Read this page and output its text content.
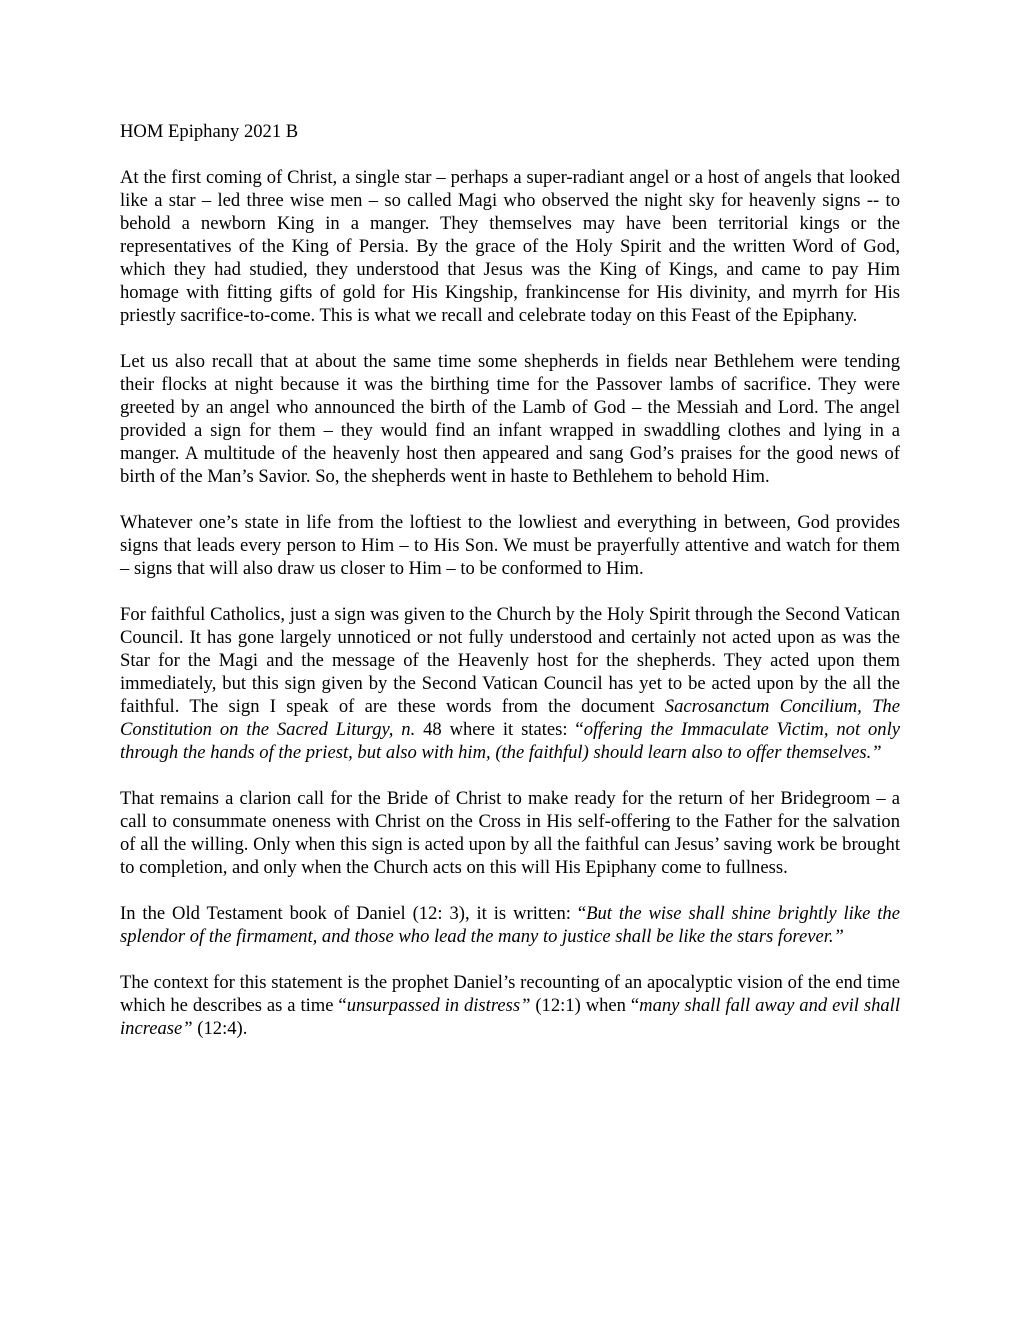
HOM Epiphany 2021 B

At the first coming of Christ, a single star – perhaps a super-radiant angel or a host of angels that looked like a star – led three wise men – so called Magi who observed the night sky for heavenly signs -- to behold a newborn King in a manger. They themselves may have been territorial kings or the representatives of the King of Persia. By the grace of the Holy Spirit and the written Word of God, which they had studied, they understood that Jesus was the King of Kings, and came to pay Him homage with fitting gifts of gold for His Kingship, frankincense for His divinity, and myrrh for His priestly sacrifice-to-come. This is what we recall and celebrate today on this Feast of the Epiphany.

Let us also recall that at about the same time some shepherds in fields near Bethlehem were tending their flocks at night because it was the birthing time for the Passover lambs of sacrifice. They were greeted by an angel who announced the birth of the Lamb of God – the Messiah and Lord. The angel provided a sign for them – they would find an infant wrapped in swaddling clothes and lying in a manger. A multitude of the heavenly host then appeared and sang God’s praises for the good news of birth of the Man’s Savior. So, the shepherds went in haste to Bethlehem to behold Him.

Whatever one’s state in life from the loftiest to the lowliest and everything in between, God provides signs that leads every person to Him – to His Son. We must be prayerfully attentive and watch for them – signs that will also draw us closer to Him – to be conformed to Him.

For faithful Catholics, just a sign was given to the Church by the Holy Spirit through the Second Vatican Council. It has gone largely unnoticed or not fully understood and certainly not acted upon as was the Star for the Magi and the message of the Heavenly host for the shepherds. They acted upon them immediately, but this sign given by the Second Vatican Council has yet to be acted upon by the all the faithful. The sign I speak of are these words from the document Sacrosanctum Concilium, The Constitution on the Sacred Liturgy, n. 48 where it states: “offering the Immaculate Victim, not only through the hands of the priest, but also with him, (the faithful) should learn also to offer themselves.”

That remains a clarion call for the Bride of Christ to make ready for the return of her Bridegroom – a call to consummate oneness with Christ on the Cross in His self-offering to the Father for the salvation of all the willing. Only when this sign is acted upon by all the faithful can Jesus’ saving work be brought to completion, and only when the Church acts on this will His Epiphany come to fullness.

In the Old Testament book of Daniel (12: 3), it is written: “But the wise shall shine brightly like the splendor of the firmament, and those who lead the many to justice shall be like the stars forever.”

The context for this statement is the prophet Daniel’s recounting of an apocalyptic vision of the end time which he describes as a time “unsurpassed in distress” (12:1) when “many shall fall away and evil shall increase” (12:4).
